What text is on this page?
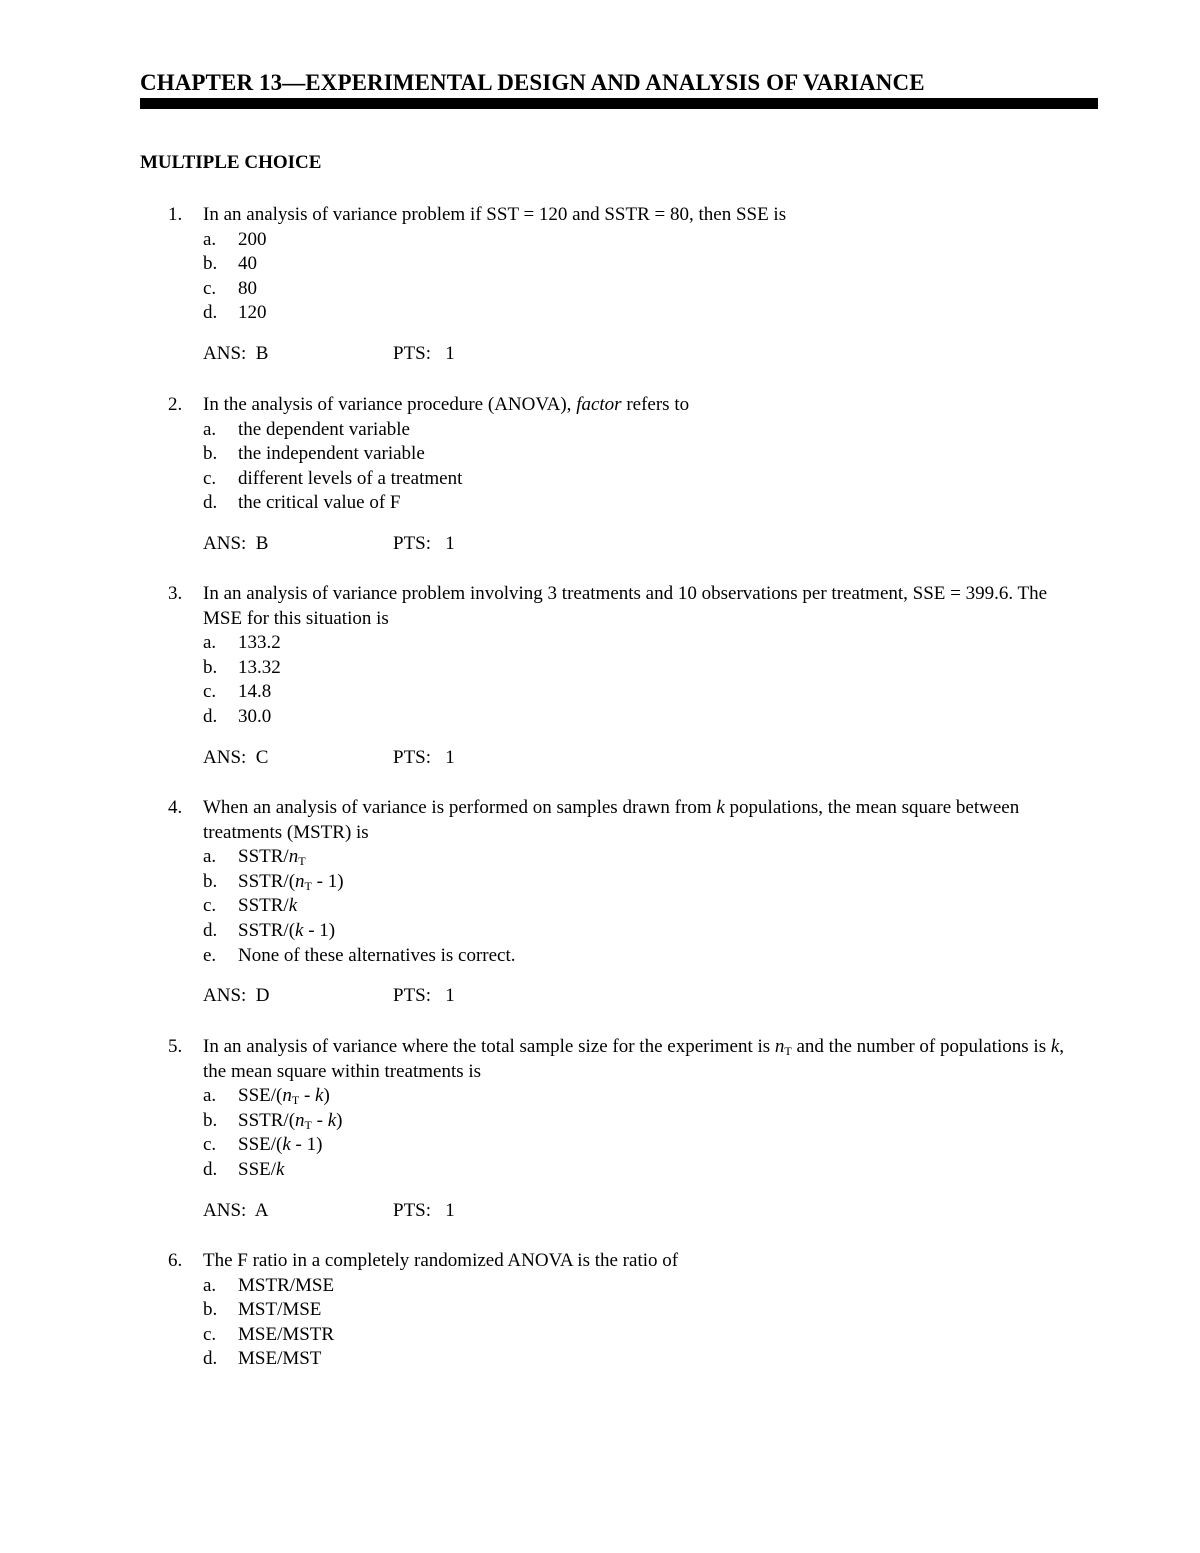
CHAPTER 13—EXPERIMENTAL DESIGN AND ANALYSIS OF VARIANCE
MULTIPLE CHOICE
1. In an analysis of variance problem if SST = 120 and SSTR = 80, then SSE is
a. 200
b. 40
c. 80
d. 120
ANS:  B	PTS:   1
2. In the analysis of variance procedure (ANOVA), factor refers to
a. the dependent variable
b. the independent variable
c. different levels of a treatment
d. the critical value of F
ANS:  B	PTS:   1
3. In an analysis of variance problem involving 3 treatments and 10 observations per treatment, SSE = 399.6. The MSE for this situation is
a. 133.2
b. 13.32
c. 14.8
d. 30.0
ANS:  C	PTS:   1
4. When an analysis of variance is performed on samples drawn from k populations, the mean square between treatments (MSTR) is
a. SSTR/$n_T$
b. SSTR/$(n_T - 1)$
c. SSTR/k
d. SSTR/(k - 1)
e. None of these alternatives is correct.
ANS:  D	PTS:   1
5. In an analysis of variance where the total sample size for the experiment is $n_T$ and the number of populations is k, the mean square within treatments is
a. SSE/$(n_T - k)$
b. SSTR/$(n_T - k)$
c. SSE/(k - 1)
d. SSE/k
ANS:  A	PTS:   1
6. The F ratio in a completely randomized ANOVA is the ratio of
a. MSTR/MSE
b. MST/MSE
c. MSE/MSTR
d. MSE/MST
